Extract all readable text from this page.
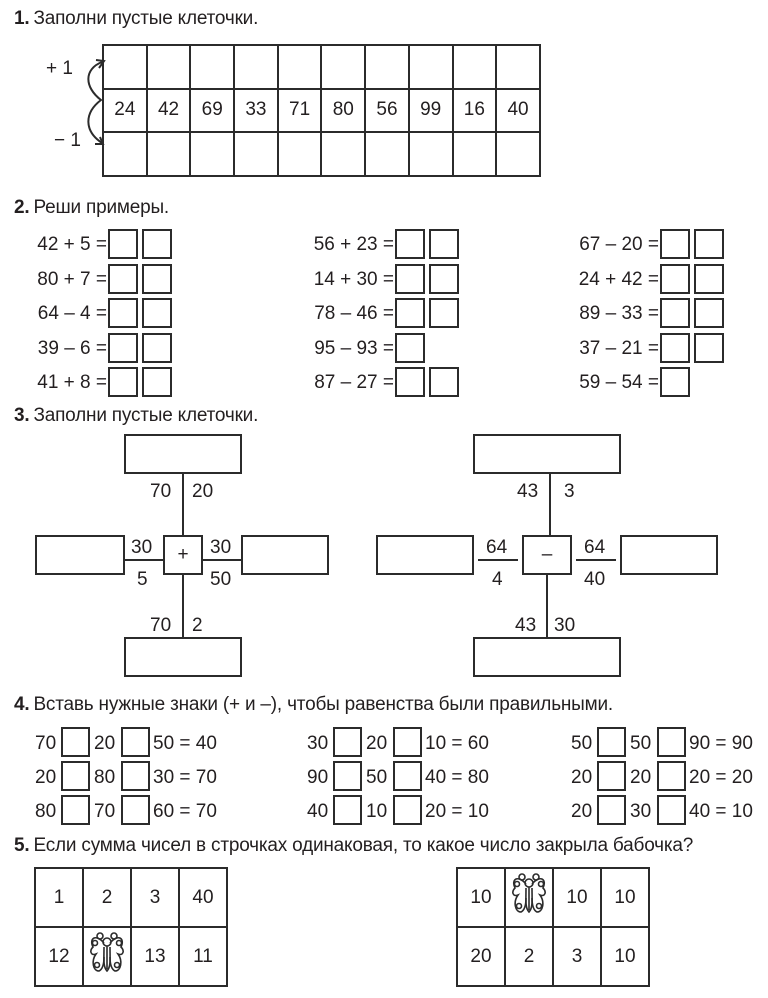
1. Заполни пустые клеточки.
+ 1
− 1

24	42	69	33	71	80	56	99	16	40

2. Реши примеры.
42 + 5 =
80 + 7 =
64 – 4 =
39 – 6 =
41 + 8 =
56 + 23 =
14 + 30 =
78 – 46 =
95 – 93 =
87 – 27 =
67 – 20 =
24 + 42 =
89 – 33 =
37 – 21 =
59 – 54 =
3. Заполни пустые клеточки.
70 20
30
5
+	30
50
70 2
43 3
64
4
–	64
40
43 30
4. Вставь нужные знаки (+ и –), чтобы равенства были правильными.
70 20 50 = 40
20 80 30 = 70
80 70 60 = 70
30 20 10 = 60
90 50 40 = 80
40 10 20 = 10
50 50 90 = 90
20 20 20 = 20
20 30 40 = 10
5. Если сумма чисел в строчках одинаковая, то какое число закрыла бабочка?
1	2	3	40
12		13	11
10		10	10
20	2	3	10
